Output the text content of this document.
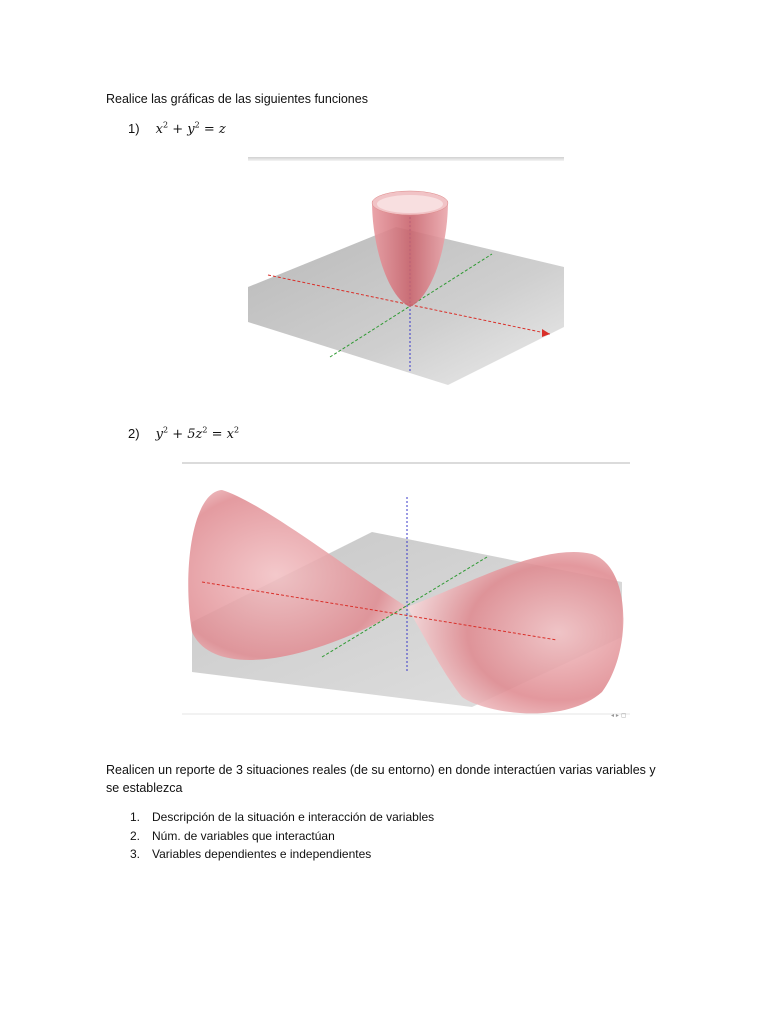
Realice las gráficas de las siguientes funciones
1) $x^2 + y^2 = z$
2) $y^2 + 5z^2 = x^2$
◂ ▸ ▢
Realicen un reporte de 3 situaciones reales (de su entorno) en donde interactúen varias variables y se establezca
1. Descripción de la situación e interacción de variables
2. Núm. de variables que interactúan
3. Variables dependientes e independientes
